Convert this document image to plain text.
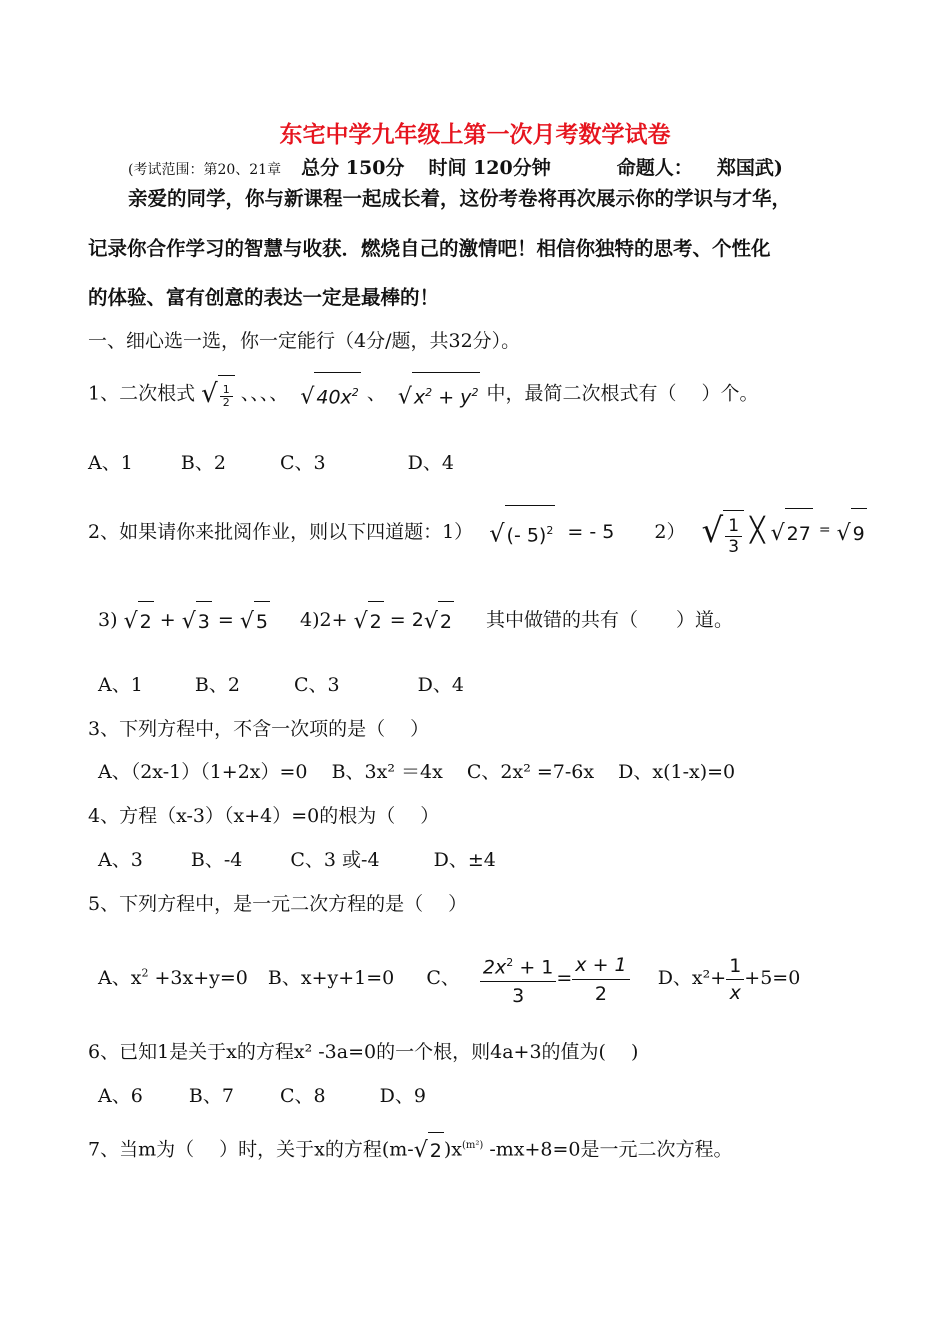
东宅中学九年级上第一次月考数学试卷
(考试范围：第20、21章 总分 150分 时间 120分钟	命题人： 郑国武)
亲爱的同学，你与新课程一起成长着，这份考卷将再次展示你的学识与才华，
记录你合作学习的智慧与收获．燃烧自己的激情吧！相信你独特的思考、个性化
的体验、富有创意的表达一定是最棒的！
一、细心选一选，你一定能行（4分/题，共32分）。
1、二次根式 √ $\frac{1}{2}$ 、、、、 √ $40x^2$ 、 √ $x^2 + y^2$ 中，最简二次根式有（　 ）个。
A、1	B、2	C、3	D、4
2、如果请你来批阅作业，则以下四道题：1） √ (- 5)$^2$ = - 5 2） √ $\frac{1}{3}$ ╳ √ 27 = √ 9
3) √ 2 + √ 3 = √ 5 4)2+ √ 2 = 2√ 2 其中做错的共有（　　）道。
A、1	B、2	C、3	D、4
3、下列方程中，不含一次项的是（　 ）
A、（2x-1）（1+2x）=0 B、3x² ＝4x C、2x² =7-6x D、x(1-x)=0
4、方程（x-3）（x+4）=0的根为（　 ）
A、3	B、-4	C、3 或-4	D、±4
5、下列方程中，是一元二次方程的是（　 ）
A、$x^2 +3x+y=0$ B、x+y+1=0 C、 $\frac{2x^2 + 1}{3} = \frac{x + 1}{2}$ D、$x^2+ \frac{1}{x} +5=0$
6、已知1是关于x的方程x² -3a=0的一个根，则4a+3的值为(　 )
A、6 B、7 C、8	D、9
7、当m为（　 ）时，关于x的方程(m-√ 2 )$x^{(m^2)}$ -mx+8=0是一元二次方程。
